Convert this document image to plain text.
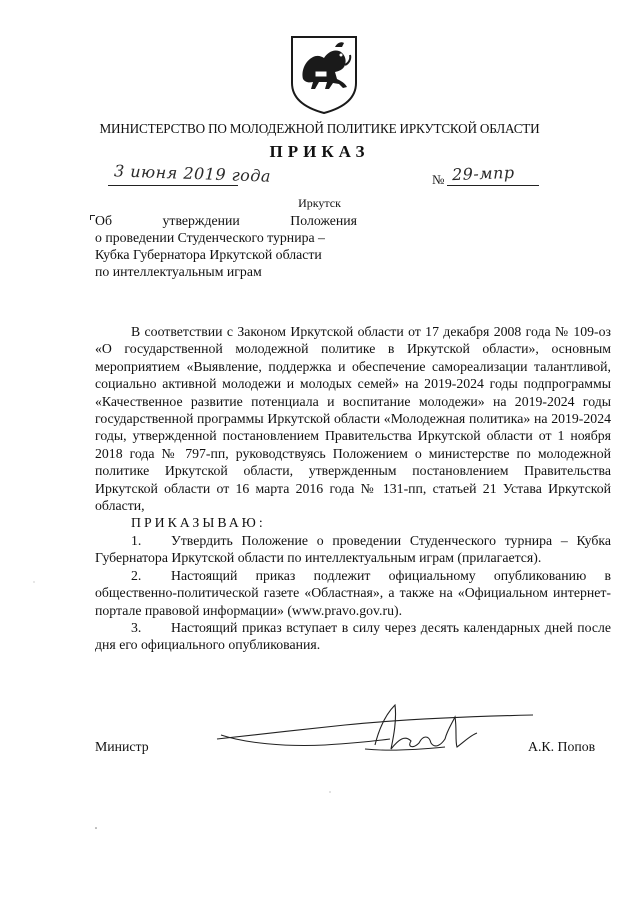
МИНИСТЕРСТВО ПО МОЛОДЕЖНОЙ ПОЛИТИКЕ ИРКУТСКОЙ ОБЛАСТИ
ПРИКАЗ
3 июня 2019 года	№ 29-мпр
Иркутск
Об утверждении Положения
о проведении Студенческого турнира –
Кубка Губернатора Иркутской области
по интеллектуальным играм

В соответствии с Законом Иркутской области от 17 декабря 2008 года № 109-оз «О государственной молодежной политике в Иркутской области», основным мероприятием «Выявление, поддержка и обеспечение самореализации талантливой, социально активной молодежи и молодых семей» на 2019-2024 годы подпрограммы «Качественное развитие потенциала и воспитание молодежи» на 2019-2024 годы государственной программы Иркутской области «Молодежная политика» на 2019-2024 годы, утвержденной постановлением Правительства Иркутской области от 1 ноября 2018 года № 797-пп, руководствуясь Положением о министерстве по молодежной политике Иркутской области, утвержденным постановлением Правительства Иркутской области от 16 марта 2016 года № 131-пп, статьей 21 Устава Иркутской области,

ПРИКАЗЫВАЮ:

1. Утвердить Положение о проведении Студенческого турнира – Кубка Губернатора Иркутской области по интеллектуальным играм (прилагается).

2. Настоящий приказ подлежит официальному опубликованию в общественно-политической газете «Областная», а также на «Официальном интернет-портале правовой информации» (www.pravo.gov.ru).

3. Настоящий приказ вступает в силу через десять календарных дней после дня его официального опубликования.

Министр	А.К. Попов
